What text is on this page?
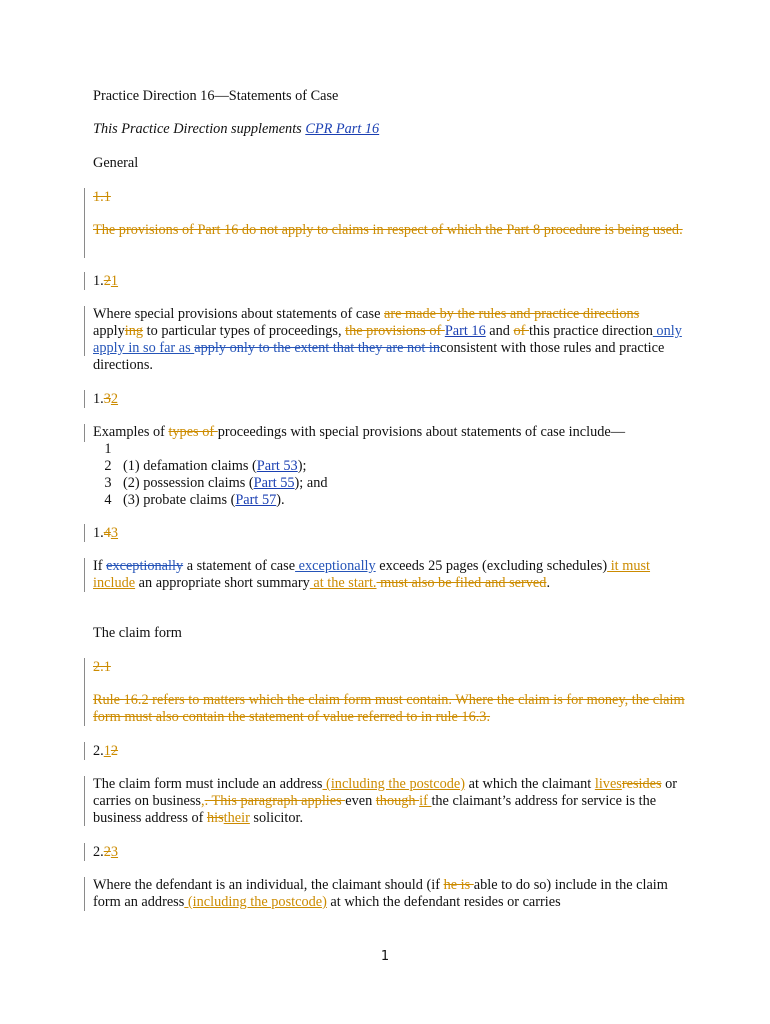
Practice Direction 16—Statements of Case

This Practice Direction supplements CPR Part 16

General

1.1

The provisions of Part 16 do not apply to claims in respect of which the Part 8 procedure is being used.

1.21

Where special provisions about statements of case are made by the rules and practice directions applying to particular types of proceedings, the provisions of Part 16 and of this practice direction only apply in so far as apply only to the extent that they are not inconsistent with those rules and practice directions.

1.32

Examples of types of proceedings with special provisions about statements of case include—

1
2 (1) defamation claims (Part 53);
3 (2) possession claims (Part 55); and
4 (3) probate claims (Part 57).

1.43

If exceptionally a statement of case exceptionally exceeds 25 pages (excluding schedules) it must include an appropriate short summary at the start. must also be filed and served.

The claim form

2.1

Rule 16.2 refers to matters which the claim form must contain. Where the claim is for money, the claim form must also contain the statement of value referred to in rule 16.3.

2.12

The claim form must include an address (including the postcode) at which the claimant livesresides or carries on business,. This paragraph applies even though if the claimant’s address for service is the business address of histheir solicitor.

2.23

Where the defendant is an individual, the claimant should (if he is able to do so) include in the claim form an address (including the postcode) at which the defendant resides or carries

1
